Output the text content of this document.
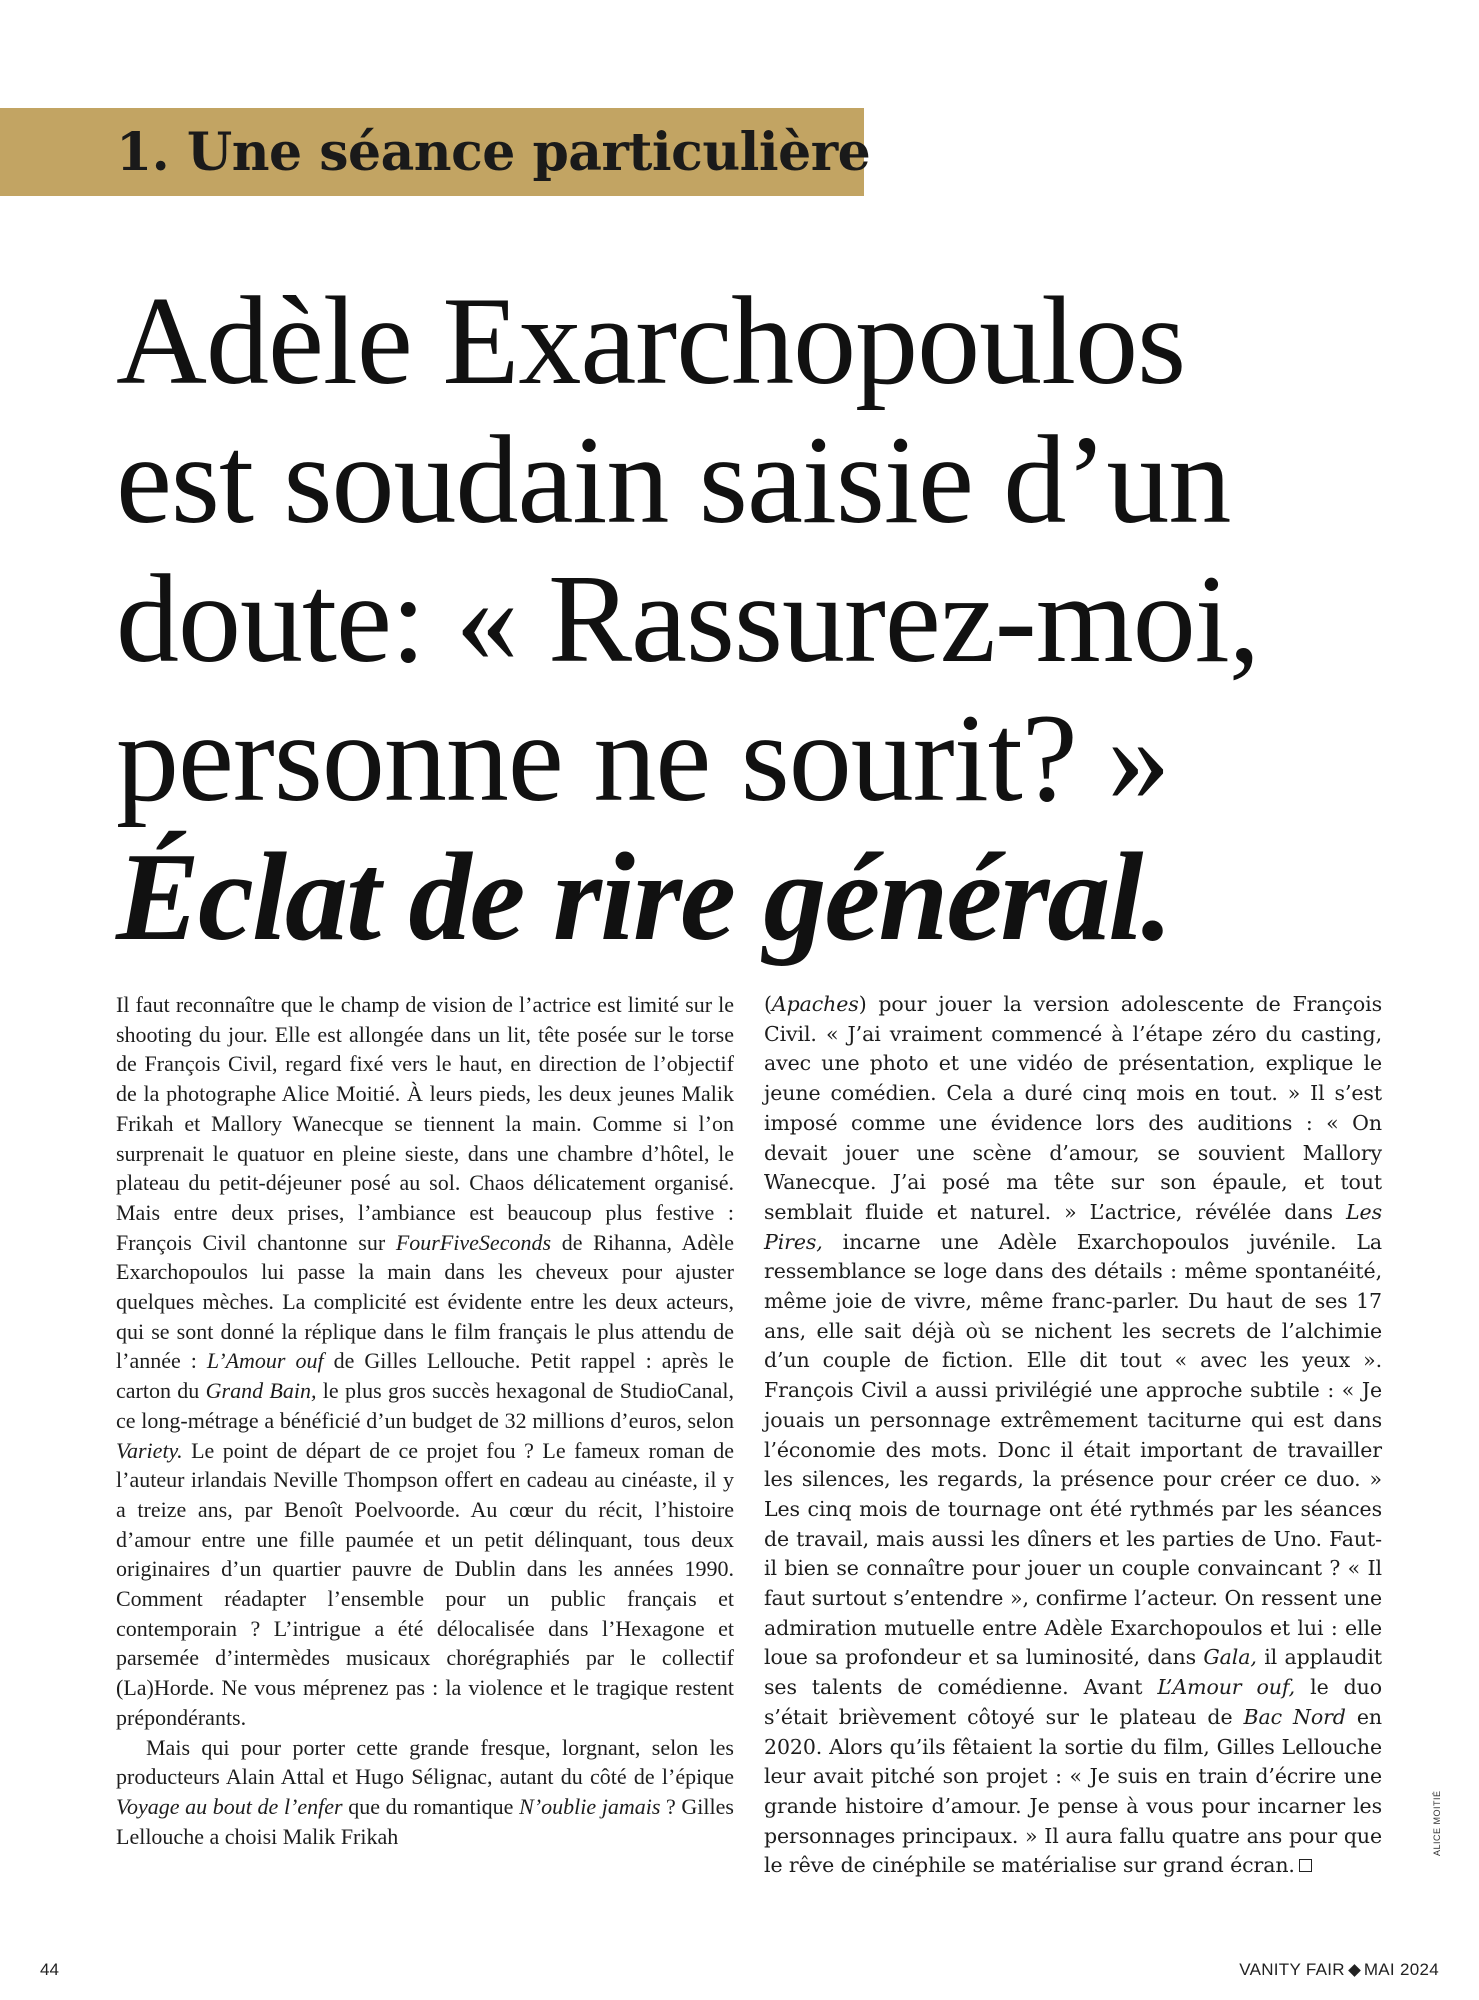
1. Une séance particulière
Adèle Exarchopoulos
est soudain saisie d’un
doute: « Rassurez-moi,
personne ne sourit? »
Éclat de rire général.

Il faut reconnaître que le champ de vision de l’actrice est limité sur le shooting du jour. Elle est allongée dans un lit, tête posée sur le torse de François Civil, regard fixé vers le haut, en direction de l’objectif de la photographe Alice Moitié. À leurs pieds, les deux jeunes Malik Frikah et Mallory Wanecque se tiennent la main. Comme si l’on surprenait le quatuor en pleine sieste, dans une chambre d’hôtel, le plateau du petit-déjeuner posé au sol. Chaos délicatement organisé. Mais entre deux prises, l’ambiance est beaucoup plus festive : François Civil chantonne sur FourFiveSeconds de Rihanna, Adèle Exarchopoulos lui passe la main dans les cheveux pour ajuster quelques mèches. La complicité est évidente entre les deux acteurs, qui se sont donné la réplique dans le film français le plus attendu de l’année : L’Amour ouf de Gilles Lellouche. Petit rappel : après le carton du Grand Bain, le plus gros succès hexagonal de StudioCanal, ce long-métrage a bénéficié d’un budget de 32 millions d’euros, selon Variety. Le point de départ de ce projet fou ? Le fameux roman de l’auteur irlandais Neville Thompson offert en cadeau au cinéaste, il y a treize ans, par Benoît Poelvoorde. Au cœur du récit, l’histoire d’amour entre une fille paumée et un petit délinquant, tous deux originaires d’un quartier pauvre de Dublin dans les années 1990. Comment réadapter l’ensemble pour un public français et contemporain ? L’intrigue a été délocalisée dans l’Hexagone et parsemée d’intermèdes musicaux chorégraphiés par le collectif (La)Horde. Ne vous méprenez pas : la violence et le tragique restent prépondérants.

Mais qui pour porter cette grande fresque, lorgnant, selon les producteurs Alain Attal et Hugo Sélignac, autant du côté de l’épique Voyage au bout de l’enfer que du romantique N’oublie jamais ? Gilles Lellouche a choisi Malik Frikah

(Apaches) pour jouer la version adolescente de François Civil. « J’ai vraiment commencé à l’étape zéro du casting, avec une photo et une vidéo de présentation, explique le jeune comédien. Cela a duré cinq mois en tout. » Il s’est imposé comme une évidence lors des auditions : « On devait jouer une scène d’amour, se souvient Mallory Wanecque. J’ai posé ma tête sur son épaule, et tout semblait fluide et naturel. » L’actrice, révélée dans Les Pires, incarne une Adèle Exarchopoulos juvénile. La ressemblance se loge dans des détails : même spontanéité, même joie de vivre, même franc-parler. Du haut de ses 17 ans, elle sait déjà où se nichent les secrets de l’alchimie d’un couple de fiction. Elle dit tout « avec les yeux ». François Civil a aussi privilégié une approche subtile : « Je jouais un personnage extrêmement taciturne qui est dans l’économie des mots. Donc il était important de travailler les silences, les regards, la présence pour créer ce duo. » Les cinq mois de tournage ont été rythmés par les séances de travail, mais aussi les dîners et les parties de Uno. Faut-il bien se connaître pour jouer un couple convaincant ? « Il faut surtout s’entendre », confirme l’acteur. On ressent une admiration mutuelle entre Adèle Exarchopoulos et lui : elle loue sa profondeur et sa luminosité, dans Gala, il applaudit ses talents de comédienne. Avant L’Amour ouf, le duo s’était brièvement côtoyé sur le plateau de Bac Nord en 2020. Alors qu’ils fêtaient la sortie du film, Gilles Lellouche leur avait pitché son projet : « Je suis en train d’écrire une grande histoire d’amour. Je pense à vous pour incarner les personnages principaux. » Il aura fallu quatre ans pour que le rêve de cinéphile se matérialise sur grand écran.

ALICE MOITIÉ
44	VANITY FAIR MAI 2024
